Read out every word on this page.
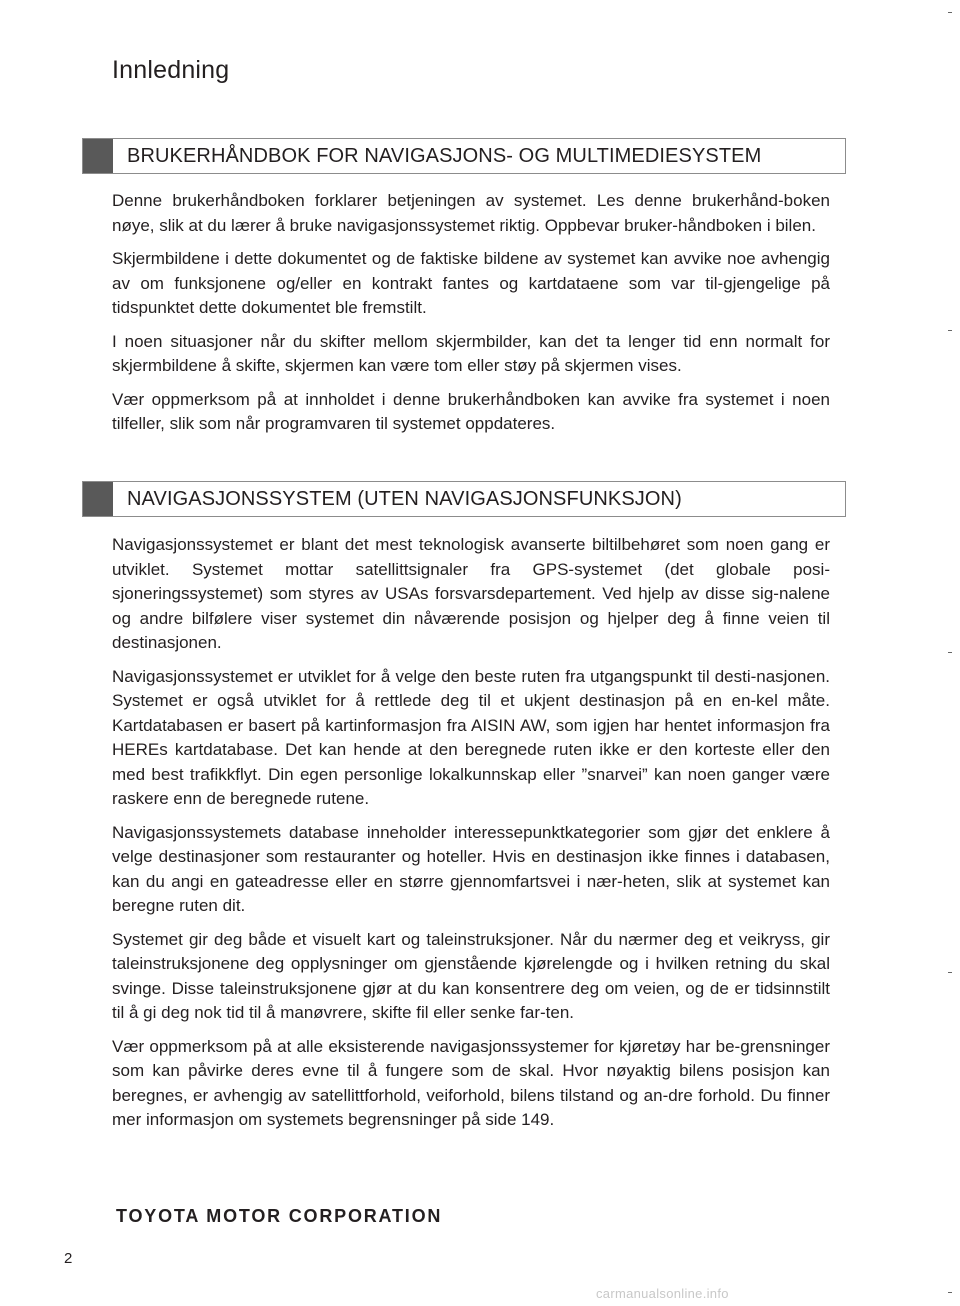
Innledning
BRUKERHÅNDBOK FOR NAVIGASJONS- OG MULTIMEDIESYSTEM

Denne brukerhåndboken forklarer betjeningen av systemet. Les denne brukerhånd-boken nøye, slik at du lærer å bruke navigasjonssystemet riktig. Oppbevar bruker-håndboken i bilen.

Skjermbildene i dette dokumentet og de faktiske bildene av systemet kan avvike noe avhengig av om funksjonene og/eller en kontrakt fantes og kartdataene som var til-gjengelige på tidspunktet dette dokumentet ble fremstilt.

I noen situasjoner når du skifter mellom skjermbilder, kan det ta lenger tid enn normalt for skjermbildene å skifte, skjermen kan være tom eller støy på skjermen vises.

Vær oppmerksom på at innholdet i denne brukerhåndboken kan avvike fra systemet i noen tilfeller, slik som når programvaren til systemet oppdateres.

NAVIGASJONSSYSTEM (UTEN NAVIGASJONSFUNKSJON)

Navigasjonssystemet er blant det mest teknologisk avanserte biltilbehøret som noen gang er utviklet. Systemet mottar satellittsignaler fra GPS-systemet (det globale posi-sjoneringssystemet) som styres av USAs forsvarsdepartement. Ved hjelp av disse sig-nalene og andre bilfølere viser systemet din nåværende posisjon og hjelper deg å finne veien til destinasjonen.

Navigasjonssystemet er utviklet for å velge den beste ruten fra utgangspunkt til desti-nasjonen. Systemet er også utviklet for å rettlede deg til et ukjent destinasjon på en en-kel måte. Kartdatabasen er basert på kartinformasjon fra AISIN AW, som igjen har hentet informasjon fra HEREs kartdatabase. Det kan hende at den beregnede ruten ikke er den korteste eller den med best trafikkflyt. Din egen personlige lokalkunnskap eller ”snarvei” kan noen ganger være raskere enn de beregnede rutene.

Navigasjonssystemets database inneholder interessepunktkategorier som gjør det enklere å velge destinasjoner som restauranter og hoteller. Hvis en destinasjon ikke finnes i databasen, kan du angi en gateadresse eller en større gjennomfartsvei i nær-heten, slik at systemet kan beregne ruten dit.

Systemet gir deg både et visuelt kart og taleinstruksjoner. Når du nærmer deg et veikryss, gir taleinstruksjonene deg opplysninger om gjenstående kjørelengde og i hvilken retning du skal svinge. Disse taleinstruksjonene gjør at du kan konsentrere deg om veien, og de er tidsinnstilt til å gi deg nok tid til å manøvrere, skifte fil eller senke far-ten.

Vær oppmerksom på at alle eksisterende navigasjonssystemer for kjøretøy har be-grensninger som kan påvirke deres evne til å fungere som de skal. Hvor nøyaktig bilens posisjon kan beregnes, er avhengig av satellittforhold, veiforhold, bilens tilstand og an-dre forhold. Du finner mer informasjon om systemets begrensninger på side 149.

TOYOTA MOTOR CORPORATION
2
carmanualsonline.info
